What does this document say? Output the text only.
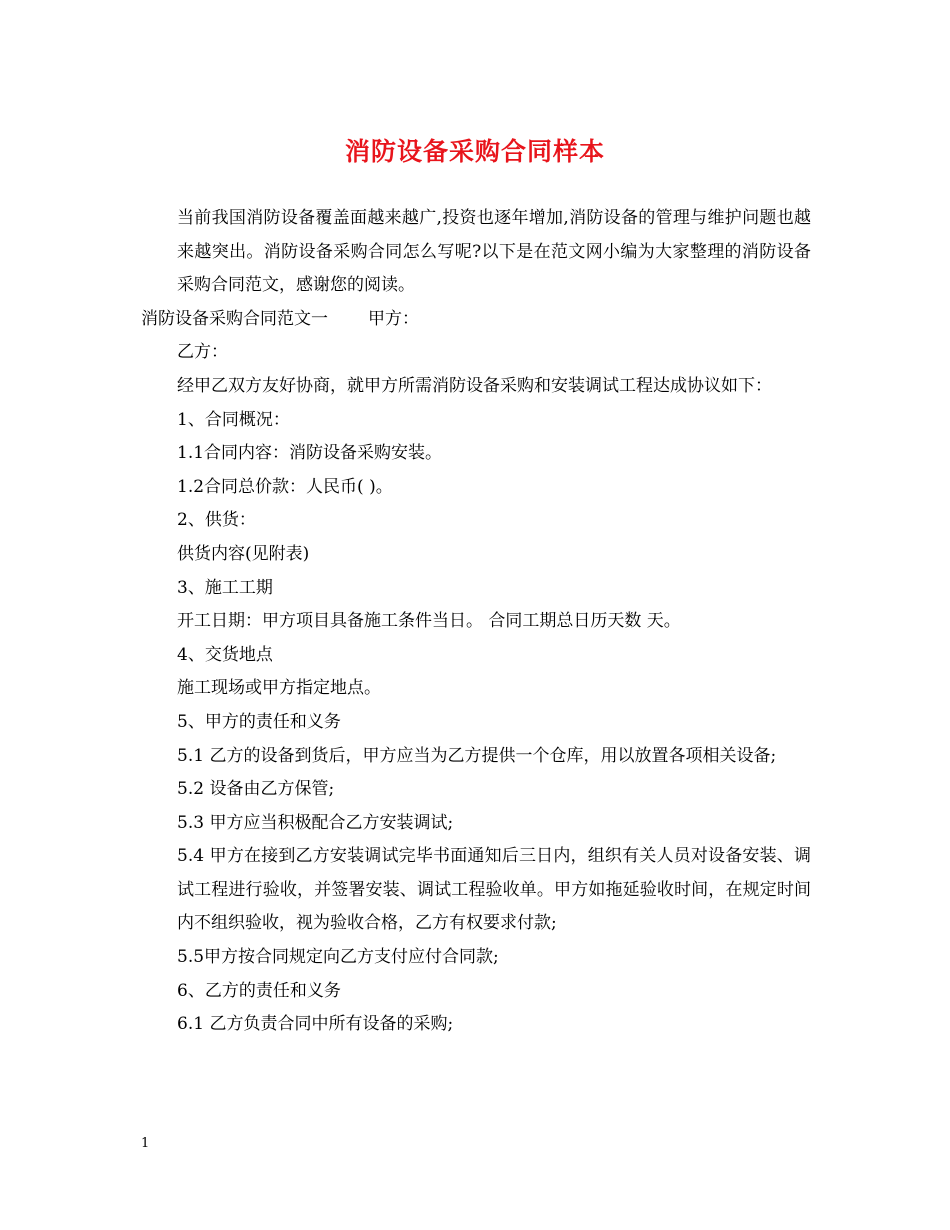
消防设备采购合同样本

当前我国消防设备覆盖面越来越广,投资也逐年增加,消防设备的管理与维护问题也越来越突出。消防设备采购合同怎么写呢?以下是在范文网小编为大家整理的消防设备采购合同范文，感谢您的阅读。

消防设备采购合同范文一 甲方：

乙方：

经甲乙双方友好协商，就甲方所需消防设备采购和安装调试工程达成协议如下：

1、合同概况：

1.1合同内容：消防设备采购安装。

1.2合同总价款：人民币( )。

2、供货：

供货内容(见附表)

3、施工工期

开工日期：甲方项目具备施工条件当日。 合同工期总日历天数 天。

4、交货地点

施工现场或甲方指定地点。

5、甲方的责任和义务

5.1 乙方的设备到货后，甲方应当为乙方提供一个仓库，用以放置各项相关设备;

5.2 设备由乙方保管;

5.3 甲方应当积极配合乙方安装调试;

5.4 甲方在接到乙方安装调试完毕书面通知后三日内，组织有关人员对设备安装、调试工程进行验收，并签署安装、调试工程验收单。甲方如拖延验收时间，在规定时间内不组织验收，视为验收合格，乙方有权要求付款;

5.5甲方按合同规定向乙方支付应付合同款;

6、乙方的责任和义务

6.1 乙方负责合同中所有设备的采购;

1
